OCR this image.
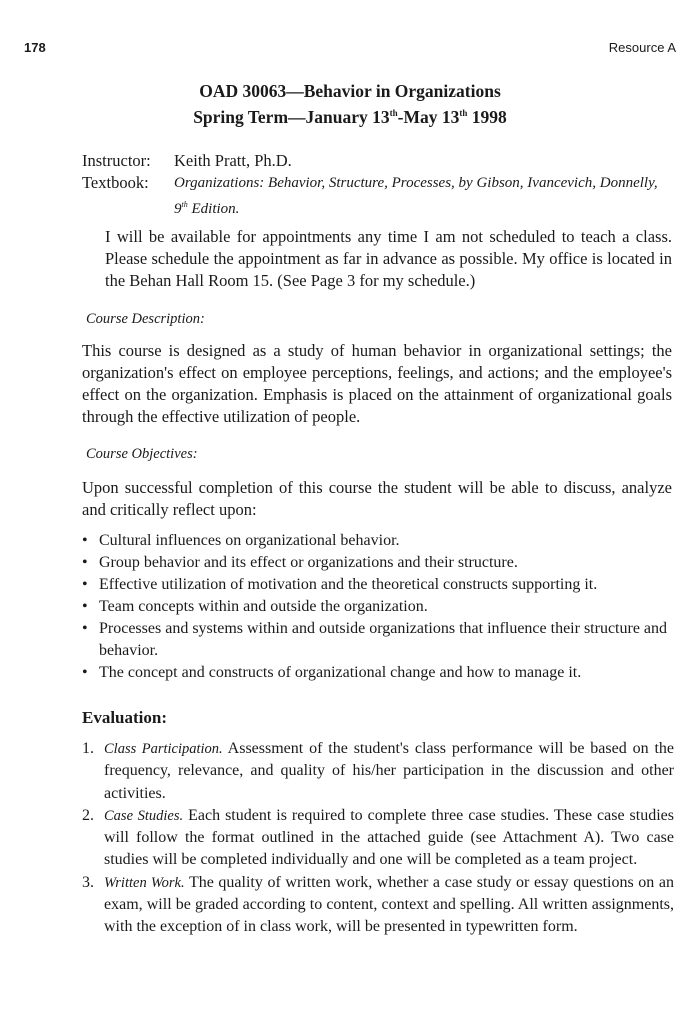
178	Resource A
OAD 30063—Behavior in Organizations
Spring Term—January 13th-May 13th 1998
Instructor: Keith Pratt, Ph.D.
Textbook: Organizations: Behavior, Structure, Processes, by Gibson, Ivancevich, Donnelly,
9th Edition.
I will be available for appointments any time I am not scheduled to teach a class. Please schedule the appointment as far in advance as possible. My office is located in the Behan Hall Room 15. (See Page 3 for my schedule.)
Course Description:
This course is designed as a study of human behavior in organizational settings; the organization's effect on employee perceptions, feelings, and actions; and the employee's effect on the organization. Emphasis is placed on the attainment of organizational goals through the effective utilization of people.
Course Objectives:
Upon successful completion of this course the student will be able to discuss, analyze and critically reflect upon:
• Cultural influences on organizational behavior.
• Group behavior and its effect or organizations and their structure.
• Effective utilization of motivation and the theoretical constructs supporting it.
• Team concepts within and outside the organization.
• Processes and systems within and outside organizations that influence their structure and behavior.
• The concept and constructs of organizational change and how to manage it.
Evaluation:
1. Class Participation. Assessment of the student's class performance will be based on the frequency, relevance, and quality of his/her participation in the discussion and other activities.
2. Case Studies. Each student is required to complete three case studies. These case studies will follow the format outlined in the attached guide (see Attachment A). Two case studies will be completed individually and one will be completed as a team project.
3. Written Work. The quality of written work, whether a case study or essay questions on an exam, will be graded according to content, context and spelling. All written assignments, with the exception of in class work, will be presented in typewritten form.
